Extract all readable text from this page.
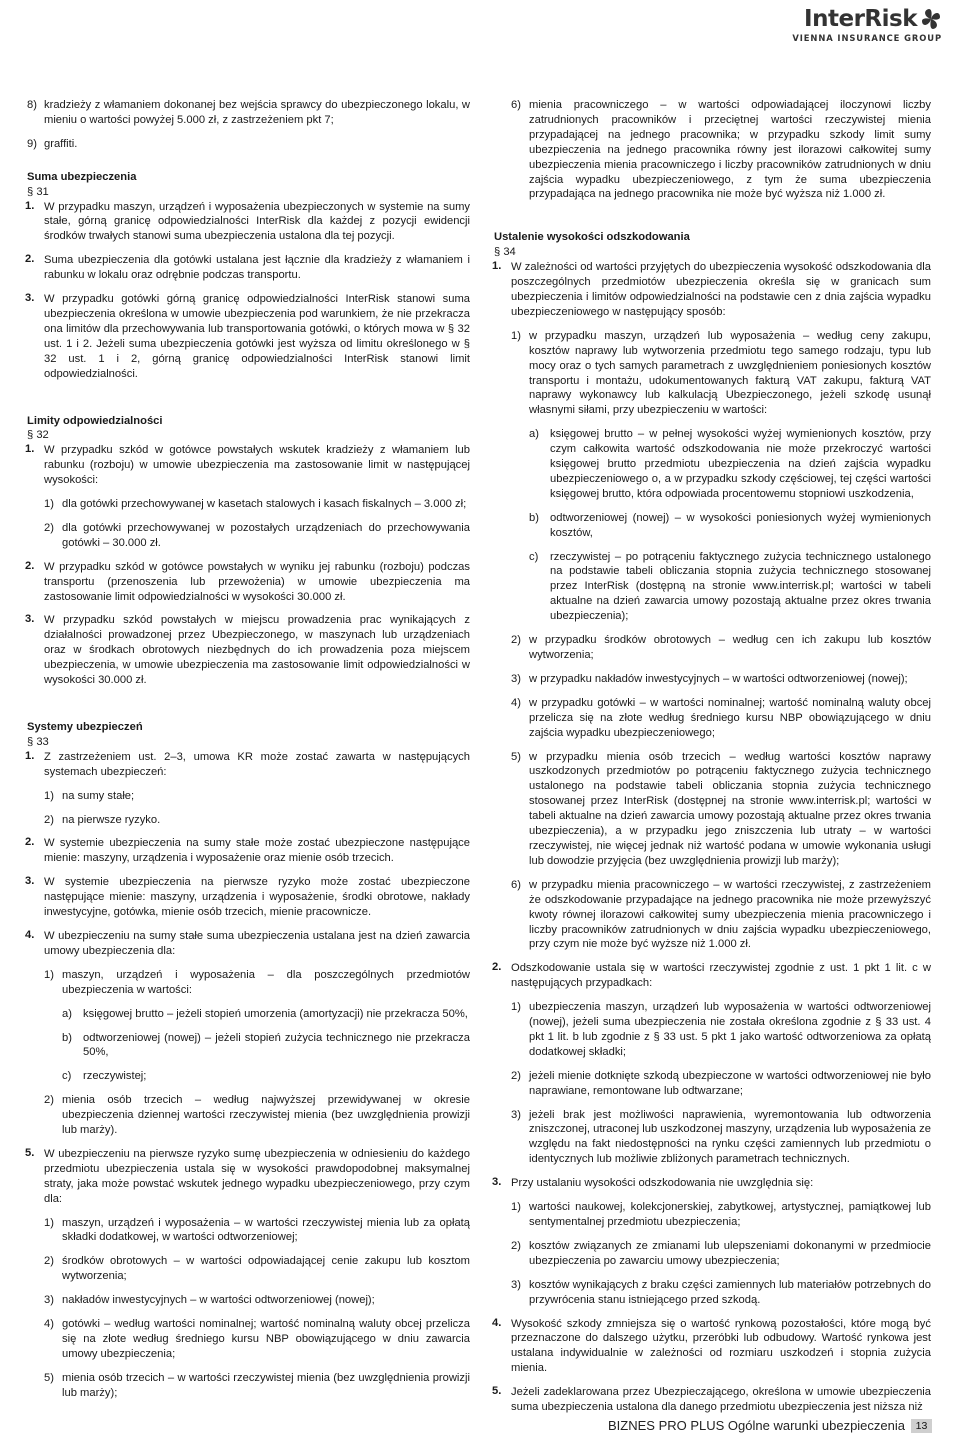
InterRisk
VIENNA INSURANCE GROUP
8) kradzieży z włamaniem dokonanej bez wejścia sprawcy do ubezpieczonego lokalu, w mieniu o wartości powyżej 5.000 zł, z zastrzeżeniem pkt 7;
9) graffiti.

Suma ubezpieczenia

§ 31

1. W przypadku maszyn, urządzeń i wyposażenia ubezpieczonych w systemie na sumy stałe, górną granicę odpowiedzialności InterRisk dla każdej z pozycji ewidencji środków trwałych stanowi suma ubezpieczenia ustalona dla tej pozycji.
2. Suma ubezpieczenia dla gotówki ustalana jest łącznie dla kradzieży z włamaniem i rabunku w lokalu oraz odrębnie podczas transportu.
3. W przypadku gotówki górną granicę odpowiedzialności InterRisk stanowi suma ubezpieczenia określona w umowie ubezpieczenia pod warunkiem, że nie przekracza ona limitów dla przechowywania lub transportowania gotówki, o których mowa w § 32 ust. 1 i 2. Jeżeli suma ubezpieczenia gotówki jest wyższa od limitu określonego w § 32 ust. 1 i 2, górną granicę odpowiedzialności InterRisk stanowi limit odpowiedzialności.

Limity odpowiedzialności

§ 32

1. W przypadku szkód w gotówce powstałych wskutek kradzieży z włamaniem lub rabunku (rozboju) w umowie ubezpieczenia ma zastosowanie limit w następującej wysokości:
1) dla gotówki przechowywanej w kasetach stalowych i kasach fiskalnych – 3.000 zł;
2) dla gotówki przechowywanej w pozostałych urządzeniach do przechowywania gotówki – 30.000 zł.
2. W przypadku szkód w gotówce powstałych w wyniku jej rabunku (rozboju) podczas transportu (przenoszenia lub przewożenia) w umowie ubezpieczenia ma zastosowanie limit odpowiedzialności w wysokości 30.000 zł.
3. W przypadku szkód powstałych w miejscu prowadzenia prac wynikających z działalności prowadzonej przez Ubezpieczonego, w maszynach lub urządzeniach oraz w środkach obrotowych niezbędnych do ich prowadzenia poza miejscem ubezpieczenia, w umowie ubezpieczenia ma zastosowanie limit odpowiedzialności w wysokości 30.000 zł.

Systemy ubezpieczeń

§ 33

1. Z zastrzeżeniem ust. 2–3, umowa KR może zostać zawarta w następujących systemach ubezpieczeń:
1) na sumy stałe;
2) na pierwsze ryzyko.
2. W systemie ubezpieczenia na sumy stałe może zostać ubezpieczone następujące mienie: maszyny, urządzenia i wyposażenie oraz mienie osób trzecich.
3. W systemie ubezpieczenia na pierwsze ryzyko może zostać ubezpieczone następujące mienie: maszyny, urządzenia i wyposażenie, środki obrotowe, nakłady inwestycyjne, gotówka, mienie osób trzecich, mienie pracownicze.
4. W ubezpieczeniu na sumy stałe suma ubezpieczenia ustalana jest na dzień zawarcia umowy ubezpieczenia dla:
1) maszyn, urządzeń i wyposażenia – dla poszczególnych przedmiotów ubezpieczenia w wartości:
a) księgowej brutto – jeżeli stopień umorzenia (amortyzacji) nie przekracza 50%,
b) odtworzeniowej (nowej) – jeżeli stopień zużycia technicznego nie przekracza 50%,
c) rzeczywistej;
2) mienia osób trzecich – według najwyższej przewidywanej w okresie ubezpieczenia dziennej wartości rzeczywistej mienia (bez uwzględnienia prowizji lub marży).
5. W ubezpieczeniu na pierwsze ryzyko sumę ubezpieczenia w odniesieniu do każdego przedmiotu ubezpieczenia ustala się w wysokości prawdopodobnej maksymalnej straty, jaka może powstać wskutek jednego wypadku ubezpieczeniowego, przy czym dla:
1) maszyn, urządzeń i wyposażenia – w wartości rzeczywistej mienia lub za opłatą składki dodatkowej, w wartości odtworzeniowej;
2) środków obrotowych – w wartości odpowiadającej cenie zakupu lub kosztom wytworzenia;
3) nakładów inwestycyjnych – w wartości odtworzeniowej (nowej);
4) gotówki – według wartości nominalnej; wartość nominalną waluty obcej przelicza się na złote według średniego kursu NBP obowiązującego w dniu zawarcia umowy ubezpieczenia;
5) mienia osób trzecich – w wartości rzeczywistej mienia (bez uwzględnienia prowizji lub marży);
6) mienia pracowniczego – w wartości odpowiadającej iloczynowi liczby zatrudnionych pracowników i przeciętnej wartości rzeczywistej mienia przypadającej na jednego pracownika; w przypadku szkody limit sumy ubezpieczenia na jednego pracownika równy jest ilorazowi całkowitej sumy ubezpieczenia mienia pracowniczego i liczby pracowników zatrudnionych w dniu zajścia wypadku ubezpieczeniowego, z tym że suma ubezpieczenia przypadająca na jednego pracownika nie może być wyższa niż 1.000 zł.

Ustalenie wysokości odszkodowania

§ 34

1. W zależności od wartości przyjętych do ubezpieczenia wysokość odszkodowania dla poszczególnych przedmiotów ubezpieczenia określa się w granicach sum ubezpieczenia i limitów odpowiedzialności na podstawie cen z dnia zajścia wypadku ubezpieczeniowego w następujący sposób:
1) w przypadku maszyn, urządzeń lub wyposażenia – według ceny zakupu, kosztów naprawy lub wytworzenia przedmiotu tego samego rodzaju, typu lub mocy oraz o tych samych parametrach z uwzględnieniem poniesionych kosztów transportu i montażu, udokumentowanych fakturą VAT zakupu, fakturą VAT naprawy wykonawcy lub kalkulacją Ubezpieczonego, jeżeli szkodę usunął własnymi siłami, przy ubezpieczeniu w wartości:
a) księgowej brutto – w pełnej wysokości wyżej wymienionych kosztów, przy czym całkowita wartość odszkodowania nie może przekroczyć wartości księgowej brutto przedmiotu ubezpieczenia na dzień zajścia wypadku ubezpieczeniowego o, a w przypadku szkody częściowej, tej części wartości księgowej brutto, która odpowiada procentowemu stopniowi uszkodzenia,
b) odtworzeniowej (nowej) – w wysokości poniesionych wyżej wymienionych kosztów,
c) rzeczywistej – po potrąceniu faktycznego zużycia technicznego ustalonego na podstawie tabeli obliczania stopnia zużycia technicznego stosowanej przez InterRisk (dostępną na stronie www.interrisk.pl; wartości w tabeli aktualne na dzień zawarcia umowy pozostają aktualne przez okres trwania ubezpieczenia);
2) w przypadku środków obrotowych – według cen ich zakupu lub kosztów wytworzenia;
3) w przypadku nakładów inwestycyjnych – w wartości odtworzeniowej (nowej);
4) w przypadku gotówki – w wartości nominalnej; wartość nominalną waluty obcej przelicza się na złote według średniego kursu NBP obowiązującego w dniu zajścia wypadku ubezpieczeniowego;
5) w przypadku mienia osób trzecich – według wartości kosztów naprawy uszkodzonych przedmiotów po potrąceniu faktycznego zużycia technicznego ustalonego na podstawie tabeli obliczania stopnia zużycia technicznego stosowanej przez InterRisk (dostępnej na stronie www.interrisk.pl; wartości w tabeli aktualne na dzień zawarcia umowy pozostają aktualne przez okres trwania ubezpieczenia), a w przypadku jego zniszczenia lub utraty – w wartości rzeczywistej, nie więcej jednak niż wartość podana w umowie wykonania usługi lub dowodzie przyjęcia (bez uwzględnienia prowizji lub marży);
6) w przypadku mienia pracowniczego – w wartości rzeczywistej, z zastrzeżeniem że odszkodowanie przypadające na jednego pracownika nie może przewyższyć kwoty równej ilorazowi całkowitej sumy ubezpieczenia mienia pracowniczego i liczby pracowników zatrudnionych w dniu zajścia wypadku ubezpieczeniowego, przy czym nie może być wyższe niż 1.000 zł.
2. Odszkodowanie ustala się w wartości rzeczywistej zgodnie z ust. 1 pkt 1 lit. c w następujących przypadkach:
1) ubezpieczenia maszyn, urządzeń lub wyposażenia w wartości odtworzeniowej (nowej), jeżeli suma ubezpieczenia nie została określona zgodnie z § 33 ust. 4 pkt 1 lit. b lub zgodnie z § 33 ust. 5 pkt 1 jako wartość odtworzeniowa za opłatą dodatkowej składki;
2) jeżeli mienie dotknięte szkodą ubezpieczone w wartości odtworzeniowej nie było naprawiane, remontowane lub odtwarzane;
3) jeżeli brak jest możliwości naprawienia, wyremontowania lub odtworzenia zniszczonej, utraconej lub uszkodzonej maszyny, urządzenia lub wyposażenia ze względu na fakt niedostępności na rynku części zamiennych lub przedmiotu o identycznych lub możliwie zbliżonych parametrach technicznych.
3. Przy ustalaniu wysokości odszkodowania nie uwzględnia się:
1) wartości naukowej, kolekcjonerskiej, zabytkowej, artystycznej, pamiątkowej lub sentymentalnej przedmiotu ubezpieczenia;
2) kosztów związanych ze zmianami lub ulepszeniami dokonanymi w przedmiocie ubezpieczenia po zawarciu umowy ubezpieczenia;
3) kosztów wynikających z braku części zamiennych lub materiałów potrzebnych do przywrócenia stanu istniejącego przed szkodą.
4. Wysokość szkody zmniejsza się o wartość rynkową pozostałości, które mogą być przeznaczone do dalszego użytku, przeróbki lub odbudowy. Wartość rynkowa jest ustalana indywidualnie w zależności od rozmiaru uszkodzeń i stopnia zużycia mienia.
5. Jeżeli zadeklarowana przez Ubezpieczającego, określona w umowie ubezpieczenia suma ubezpieczenia ustalona dla danego przedmiotu ubezpieczenia jest niższa niż
BIZNES PRO PLUS Ogólne warunki ubezpieczenia	13
